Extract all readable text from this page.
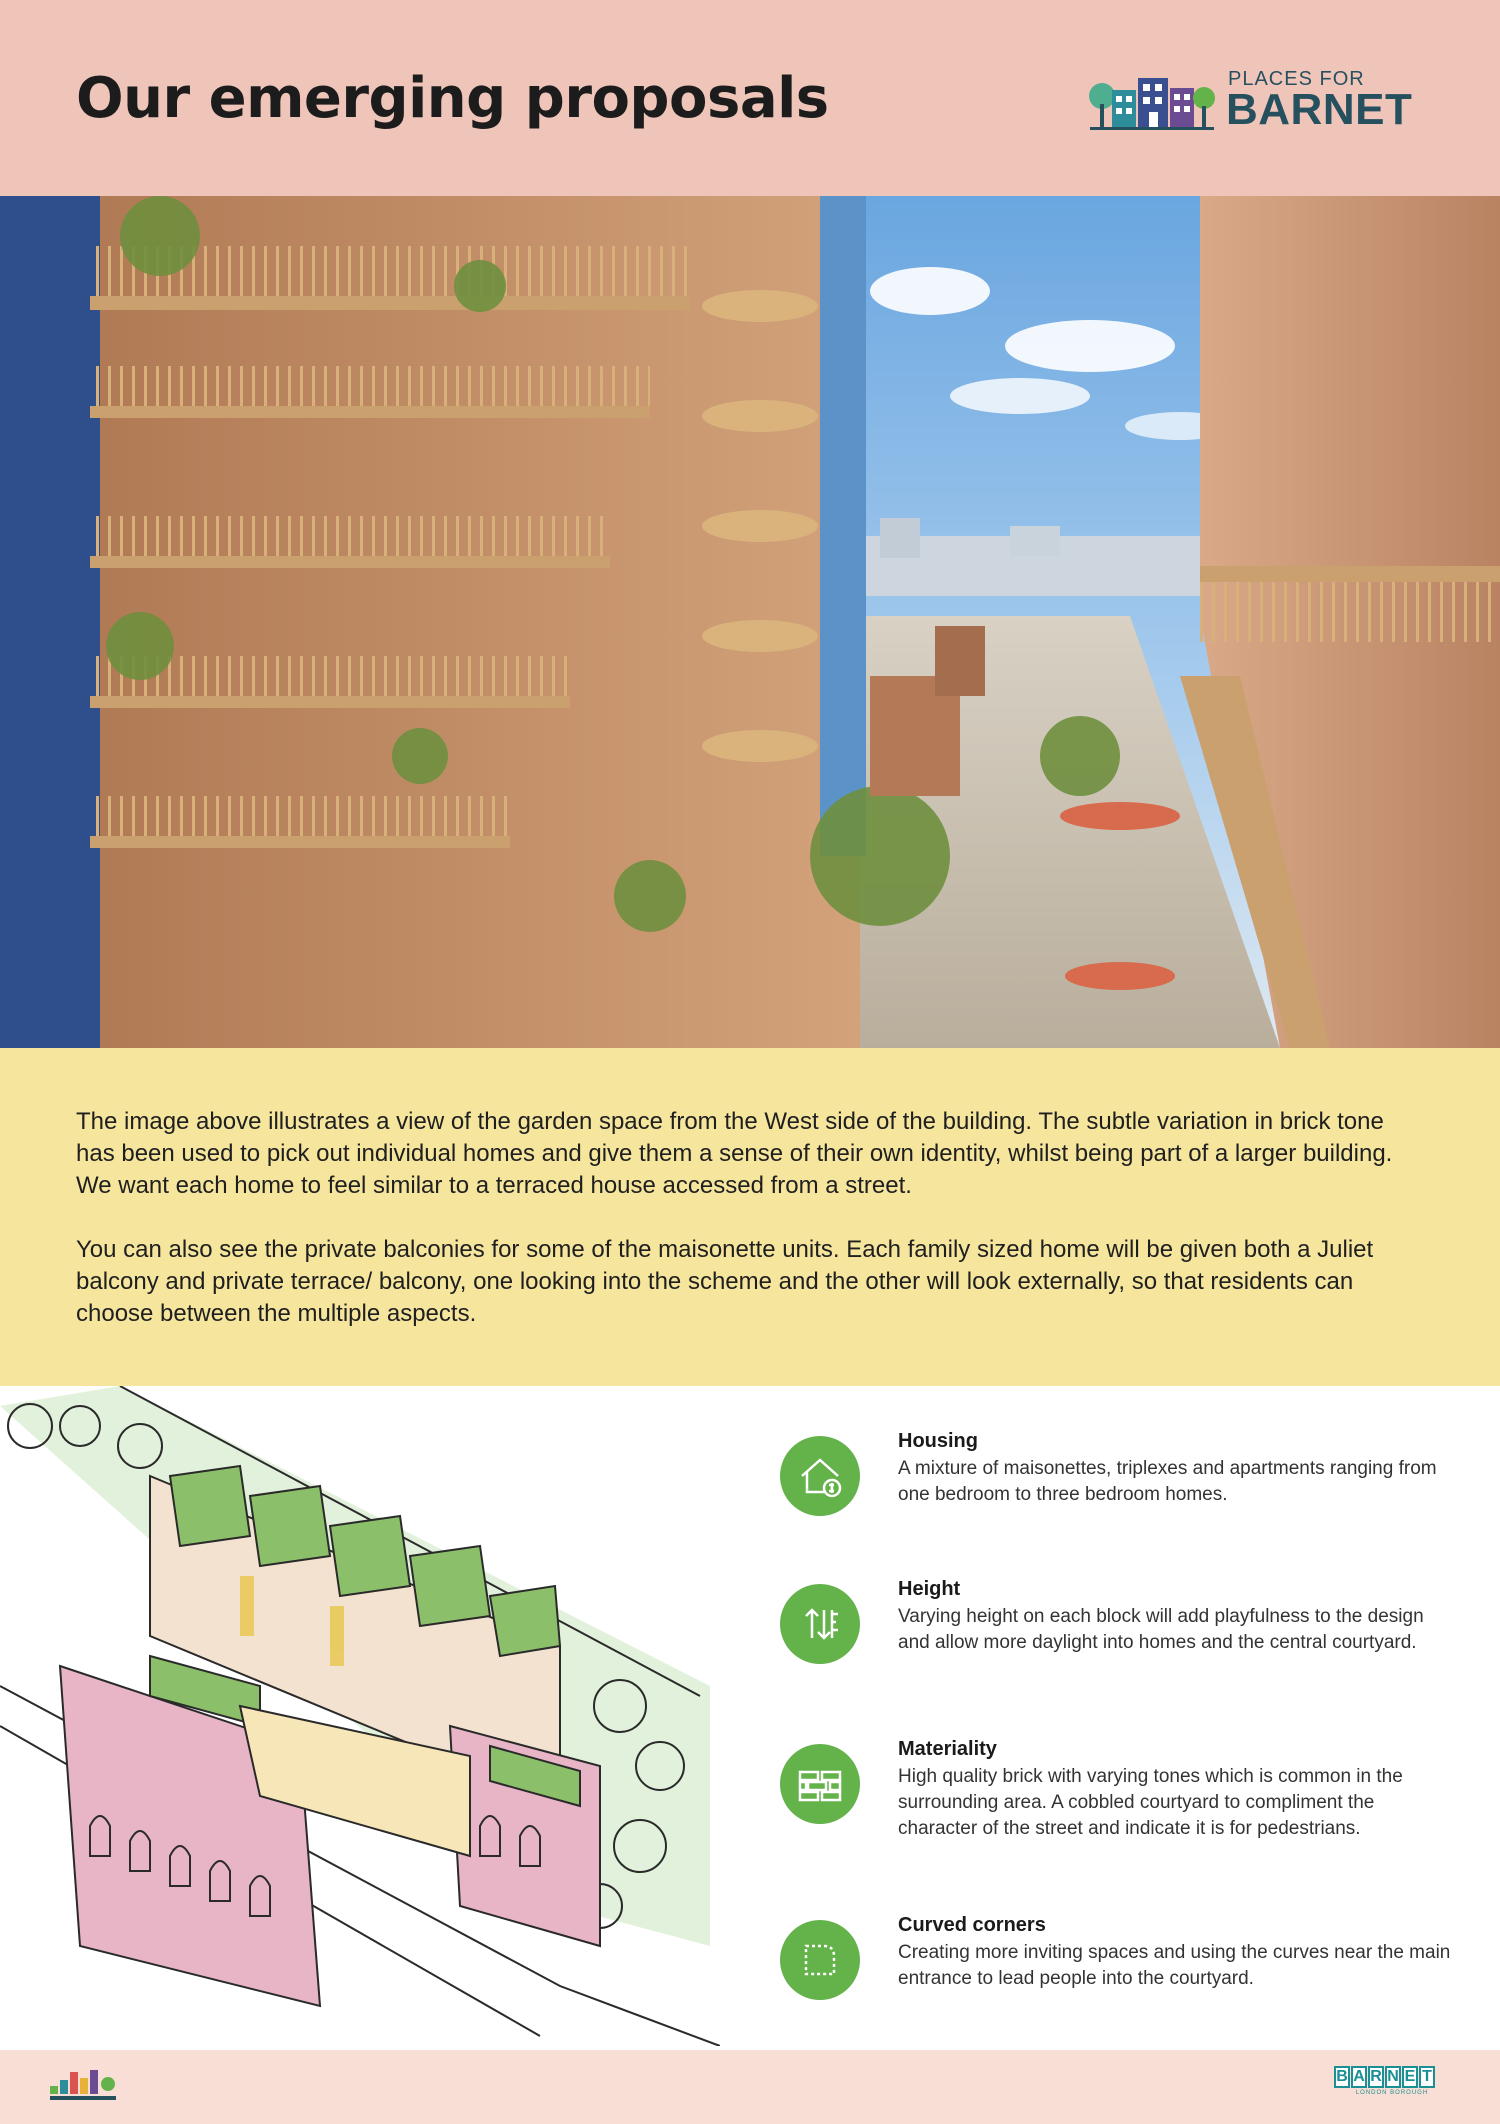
Our emerging proposals	PLACES FOR
BARNET

The image above illustrates a view of the garden space from the West side of the building. The subtle variation in brick tone has been used to pick out individual homes and give them a sense of their own identity, whilst being part of a larger building. We want each home to feel similar to a terraced house accessed from a street.

You can also see the private balconies for some of the maisonette units. Each family sized home will be given both a Juliet balcony and private terrace/ balcony, one looking into the scheme and the other will look externally, so that residents can choose between the multiple aspects.

Housing
A mixture of maisonettes, triplexes and apartments ranging from one bedroom to three bedroom homes.
Height
Varying height on each block will add playfulness to the design and allow more daylight into homes and the central courtyard.
Materiality
High quality brick with varying tones which is common in the surrounding area. A cobbled courtyard to compliment the character of the street and indicate it is for pedestrians.
Curved corners
Creating more inviting spaces and using the curves near the main entrance to lead people into the courtyard.
B A R N E T
LONDON BOROUGH
